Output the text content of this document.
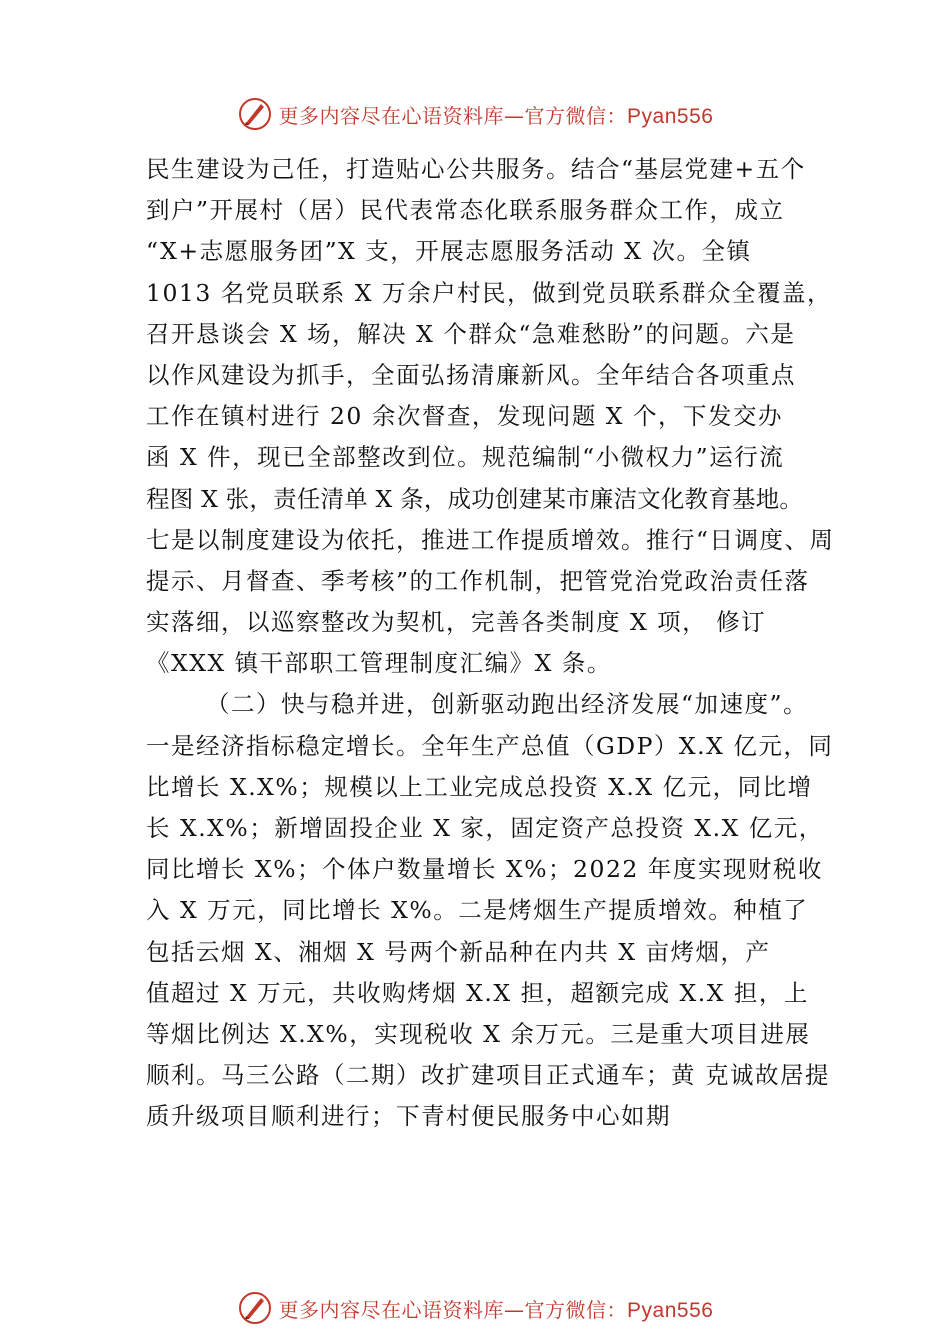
更多内容尽在心语资料库—官方微信：Pyan556
民生建设为己任，打造贴心公共服务。结合“基层党建+五个
到户”开展村（居）民代表常态化联系服务群众工作，成立
“X+志愿服务团”X 支，开展志愿服务活动 X 次。全镇
1013 名党员联系 X 万余户村民，做到党员联系群众全覆盖，
召开恳谈会 X 场，解决 X 个群众“急难愁盼”的问题。六是
以作风建设为抓手，全面弘扬清廉新风。全年结合各项重点
工作在镇村进行 20 余次督查，发现问题 X 个，下发交办
函 X 件，现已全部整改到位。规范编制“小微权力”运行流
程图 X 张，责任清单 X 条，成功创建某市廉洁文化教育基地。
七是以制度建设为依托，推进工作提质增效。推行“日调度、周
提示、月督查、季考核”的工作机制，把管党治党政治责任落
实落细，以巡察整改为契机，完善各类制度 X 项， 修订
《XXX 镇干部职工管理制度汇编》X 条。
（二）快与稳并进，创新驱动跑出经济发展“加速度”。
一是经济指标稳定增长。全年生产总值（GDP）X.X 亿元，同
比增长 X.X%；规模以上工业完成总投资 X.X 亿元，同比增
长 X.X%；新增固投企业 X 家，固定资产总投资 X.X 亿元，
同比增长 X%；个体户数量增长 X%；2022 年度实现财税收
入 X 万元，同比增长 X%。二是烤烟生产提质增效。种植了
包括云烟 X、湘烟 X 号两个新品种在内共 X 亩烤烟，产
值超过 X 万元，共收购烤烟 X.X 担，超额完成 X.X 担，上
等烟比例达 X.X%，实现税收 X 余万元。三是重大项目进展
顺利。马三公路（二期）改扩建项目正式通车；黄 克诚故居提
质升级项目顺利进行；下青村便民服务中心如期
更多内容尽在心语资料库—官方微信：Pyan556
